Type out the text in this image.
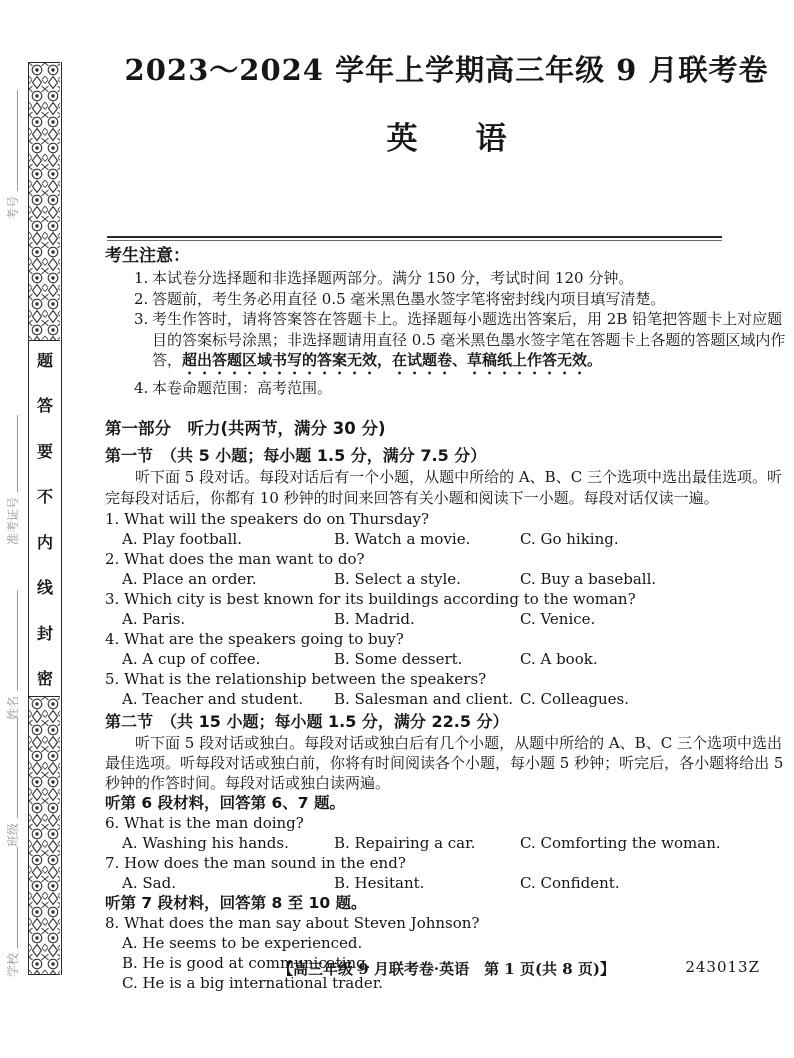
考号
准考证号
姓名
班级
学校
题
答
要
不
内
线
封
密
2023～2024 学年上学期高三年级 9 月联考卷
英 语
考生注意：
1. 本试卷分选择题和非选择题两部分。满分 150 分，考试时间 120 分钟。
2. 答题前，考生务必用直径 0.5 毫米黑色墨水签字笔将密封线内项目填写清楚。
3. 考生作答时，请将答案答在答题卡上。选择题每小题选出答案后，用 2B 铅笔把答题卡上对应题目的答案标号涂黑；非选择题请用直径 0.5 毫米黑色墨水签字笔在答题卡上各题的答题区域内作答，超出答题区域书写的答案无效，在试题卷、草稿纸上作答无效。
4. 本卷命题范围：高考范围。
第一部分　听力(共两节，满分 30 分)
第一节　 （共 5 小题；每小题 1.5 分，满分 7.5 分）

听下面 5 段对话。每段对话后有一个小题，从题中所给的 A、B、C 三个选项中选出最佳选项。听完每段对话后，你都有 10 秒钟的时间来回答有关小题和阅读下一小题。每段对话仅读一遍。

1. What will the speakers do on Thursday?
A. Play football.	B. Watch a movie.	C. Go hiking.
2. What does the man want to do?
A. Place an order.	B. Select a style.	C. Buy a baseball.
3. Which city is best known for its buildings according to the woman?
A. Paris.	B. Madrid.	C. Venice.
4. What are the speakers going to buy?
A. A cup of coffee.	B. Some dessert.	C. A book.
5. What is the relationship between the speakers?
A. Teacher and student.	B. Salesman and client. C. Colleagues.
第二节　 （共 15 小题；每小题 1.5 分，满分 22.5 分）

听下面 5 段对话或独白。每段对话或独白后有几个小题，从题中所给的 A、B、C 三个选项中选出最佳选项。听每段对话或独白前，你将有时间阅读各个小题，每小题 5 秒钟；听完后，各小题将给出 5 秒钟的作答时间。每段对话或独白读两遍。

听第 6 段材料，回答第 6、7 题。
6. What is the man doing?
A. Washing his hands.	B. Repairing a car.	C. Comforting the woman.
7. How does the man sound in the end?
A. Sad.	B. Hesitant.	C. Confident.
听第 7 段材料，回答第 8 至 10 题。
8. What does the man say about Steven Johnson?
A. He seems to be experienced.
B. He is good at communicating.
C. He is a big international trader.
【高三年级 9 月联考卷·英语　第 1 页(共 8 页)】	243013Z
